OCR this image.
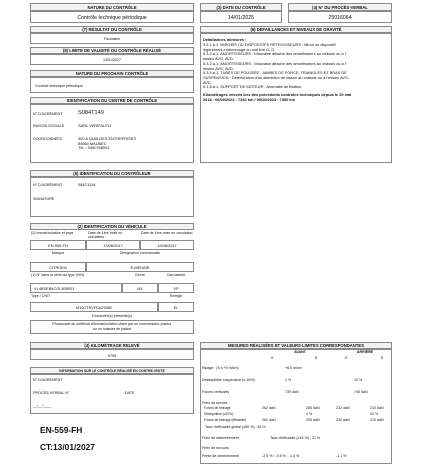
NATURE DU CONTRÔLE
Contrôle technique périodique
(3) DATE DU CONTRÔLE
14/01/2025
(4) N° DU PROCÈS-VERBAL
25016064
(7) RÉSULTAT DU CONTRÔLE
Favorable
(6) DÉFAILLANCES ET NIVEAUX DE GRAVITÉ
Défaillances mineures :
3.3.1.b.1. MIROIRS OU DISPOSITIFS RÉTROVISEURS : Miroir ou dispositif
légèrement endommagé ou mal fixé G, D.
5.3.2.a.1. AMORTISSEURS : Mauvaise attache des amortisseurs au châssis ou à l'
essieu AVG, AVD.
5.3.2.a.1. AMORTISSEURS : Mauvaise attache des amortisseurs au châssis ou à l'
essieu AVG, AVD.
5.3.4.a.1. TUBES DE POUSSÉE, JAMBES DE FORCE, TRIANGLES ET BRAS DE
SUSPENSION : Détérioration d'un silentbloc de liaison au châssis ou à l'essieu AVG,
AVD.
6.1.8.a.1. SUPPORT DE MOTEUR : Anomalie de fixation
Kilométrages relevés lors des précédents contrôles techniques depuis le 20 mai
2018 : 06/09/2023 : 7342 km / 09/10/2023 : 7350 km
(8) LIMITE DE VALIDITÉ DU CONTRÔLE RÉALISÉ
13/01/2027
NATURE DU PROCHAIN CONTRÔLE
Contrôle technique périodique
IDENTIFICATION DU CENTRE DE CONTRÔLE
N° D'AGRÉMENT	S084T149
RAISON SOCIALE	SARL VERIFAUTO
COORDONNÉES	300 A QUAI DES ENTREPRISES
84660 MAUBEC
Tél. : 0490768002
(5) IDENTIFICATION DU CONTRÔLEUR
N° D'AGRÉMENT	084C1118
SIGNATURE
(2) IDENTIFICATION DU VÉHICULE
(2) Immatriculation et pays	Date de 1ère mise en circulation
Date de 1ère mise en circulation
EN-559-FH	13/06/2017	13/06/2017
Marque	Désignation commerciale
CITROEN	E-MEHARI
(1) N° dans la série du type (VIN)	Genre	Carrosserie
VL4BSEB4CGL505001	M1	VP
Type / CNIT	Énergie
M10CTRVP0A25982	EL
Document(s) présenté(s)
Photocopie du certificat d'immatriculation visée par un commissaire-priseur
ou un huissier de justice
(4) KILOMÉTRAGE RELEVÉ
9795
INFORMATION SUR LE CONTRÔLE RÉALISÉ EN CONTRE-VISITE
N° D'AGRÉMENT
PROCÈS-VERBAL N°	DATE
__/__/____
EN-559-FH
CT:13/01/2027
MESURES RÉALISÉES ET VALEURS LIMITES CORRESPONDANTES
AVANT	ARRIÈRE
G	D	G	D
Ripage : (5 à +5 m/km)	+6.0 m/km
Déséquilibre suspension (≤ 30%)	2 %	10 %
Forces verticales	739 daN	740 daN
Frein de service
Forces de freinage	262 daN	255 daN	232 daN	210 daN
Déséquilibre (≤30%)	3 %	10 %
Forces de freinage (efficacité)	262 daN	255 daN	232 daN	210 daN
Taux d'efficacité global (≥50 %) : 64 %
Frein de stationnement	Taux d'efficacité (≥18 %) : 21 %
Frein de secours
Pente de cheminement	-2.5 % / -0.5 % : -1.4 %	-1.1 %
